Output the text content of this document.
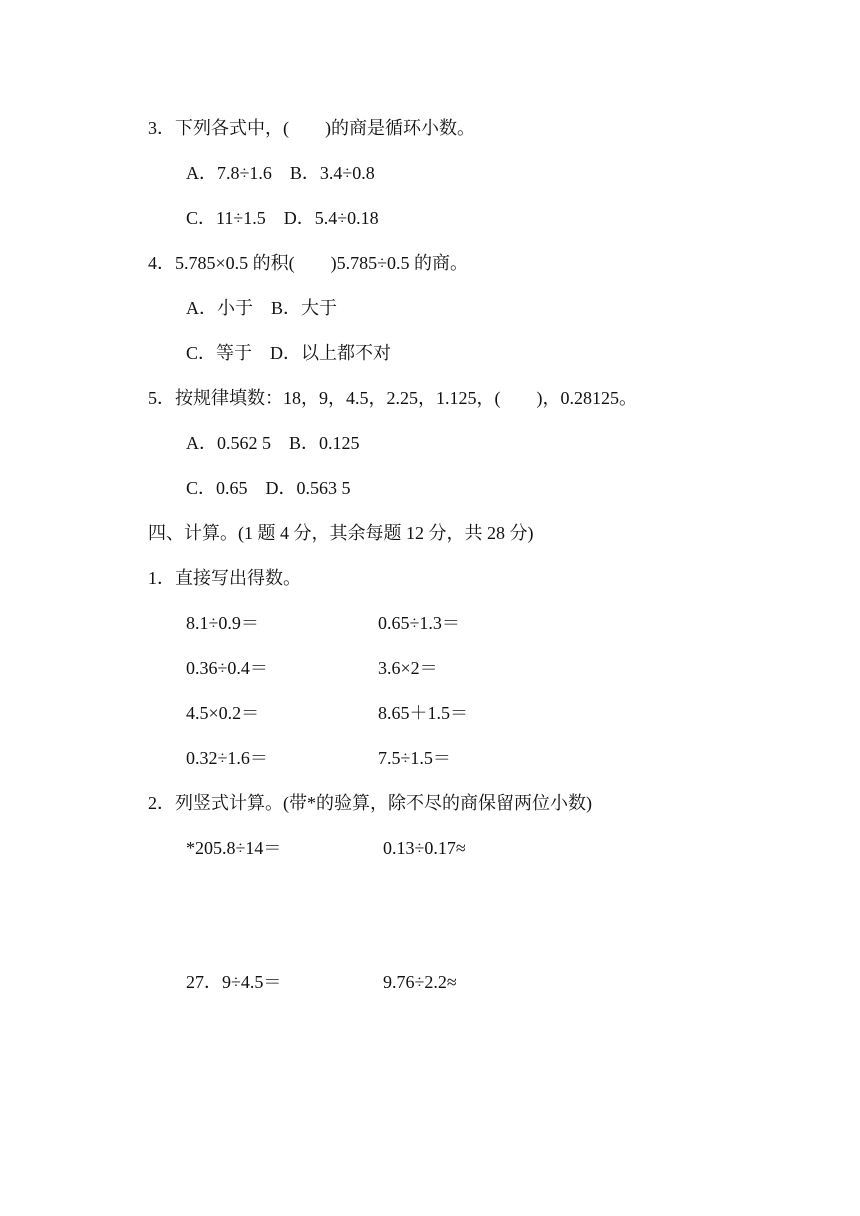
3．下列各式中，(　　)的商是循环小数。
A．7.8÷1.6　B．3.4÷0.8
C．11÷1.5　D．5.4÷0.18
4．5.785×0.5 的积(　　)5.785÷0.5 的商。
A．小于　B．大于
C．等于　D．以上都不对
5．按规律填数：18，9，4.5，2.25，1.125，(　　)，0.28125。
A．0.562 5　B．0.125
C．0.65　D．0.563 5
四、计算。(1 题 4 分，其余每题 12 分，共 28 分)
1．直接写出得数。
8.1÷0.9＝	0.65÷1.3＝
0.36÷0.4＝	3.6×2＝
4.5×0.2＝	8.65＋1.5＝
0.32÷1.6＝	7.5÷1.5＝
2．列竖式计算。(带*的验算，除不尽的商保留两位小数)
*205.8÷14＝	0.13÷0.17≈
27．9÷4.5＝	9.76÷2.2≈
